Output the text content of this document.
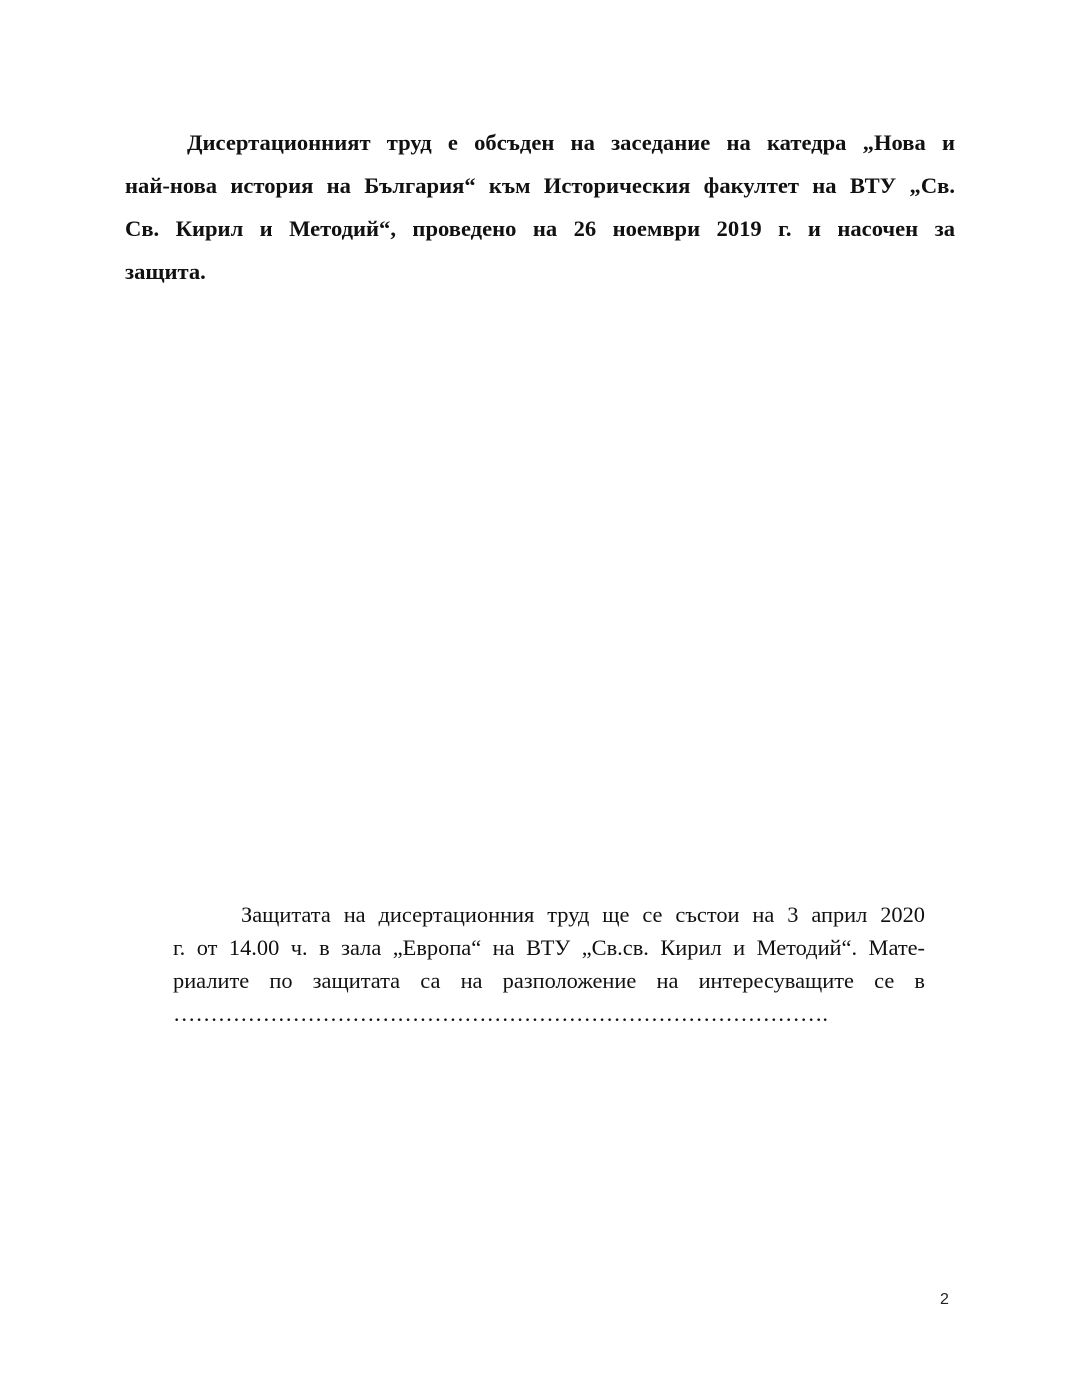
Дисертационният труд е обсъден на заседание на катедра „Нова и
най-нова история на България“ към Историческия факултет на ВТУ „Св.
Св. Кирил и Методий“, проведено на 26 ноември 2019 г. и насочен за
защита.

Защитата на дисертационния труд ще се състои на 3 април 2020
г. от 14.00 ч. в зала „Европа“ на ВТУ „Св.св. Кирил и Методий“. Мате-
риалите по защитата са на разположение на интересуващите се в
…………………………………………………………………………….

2
